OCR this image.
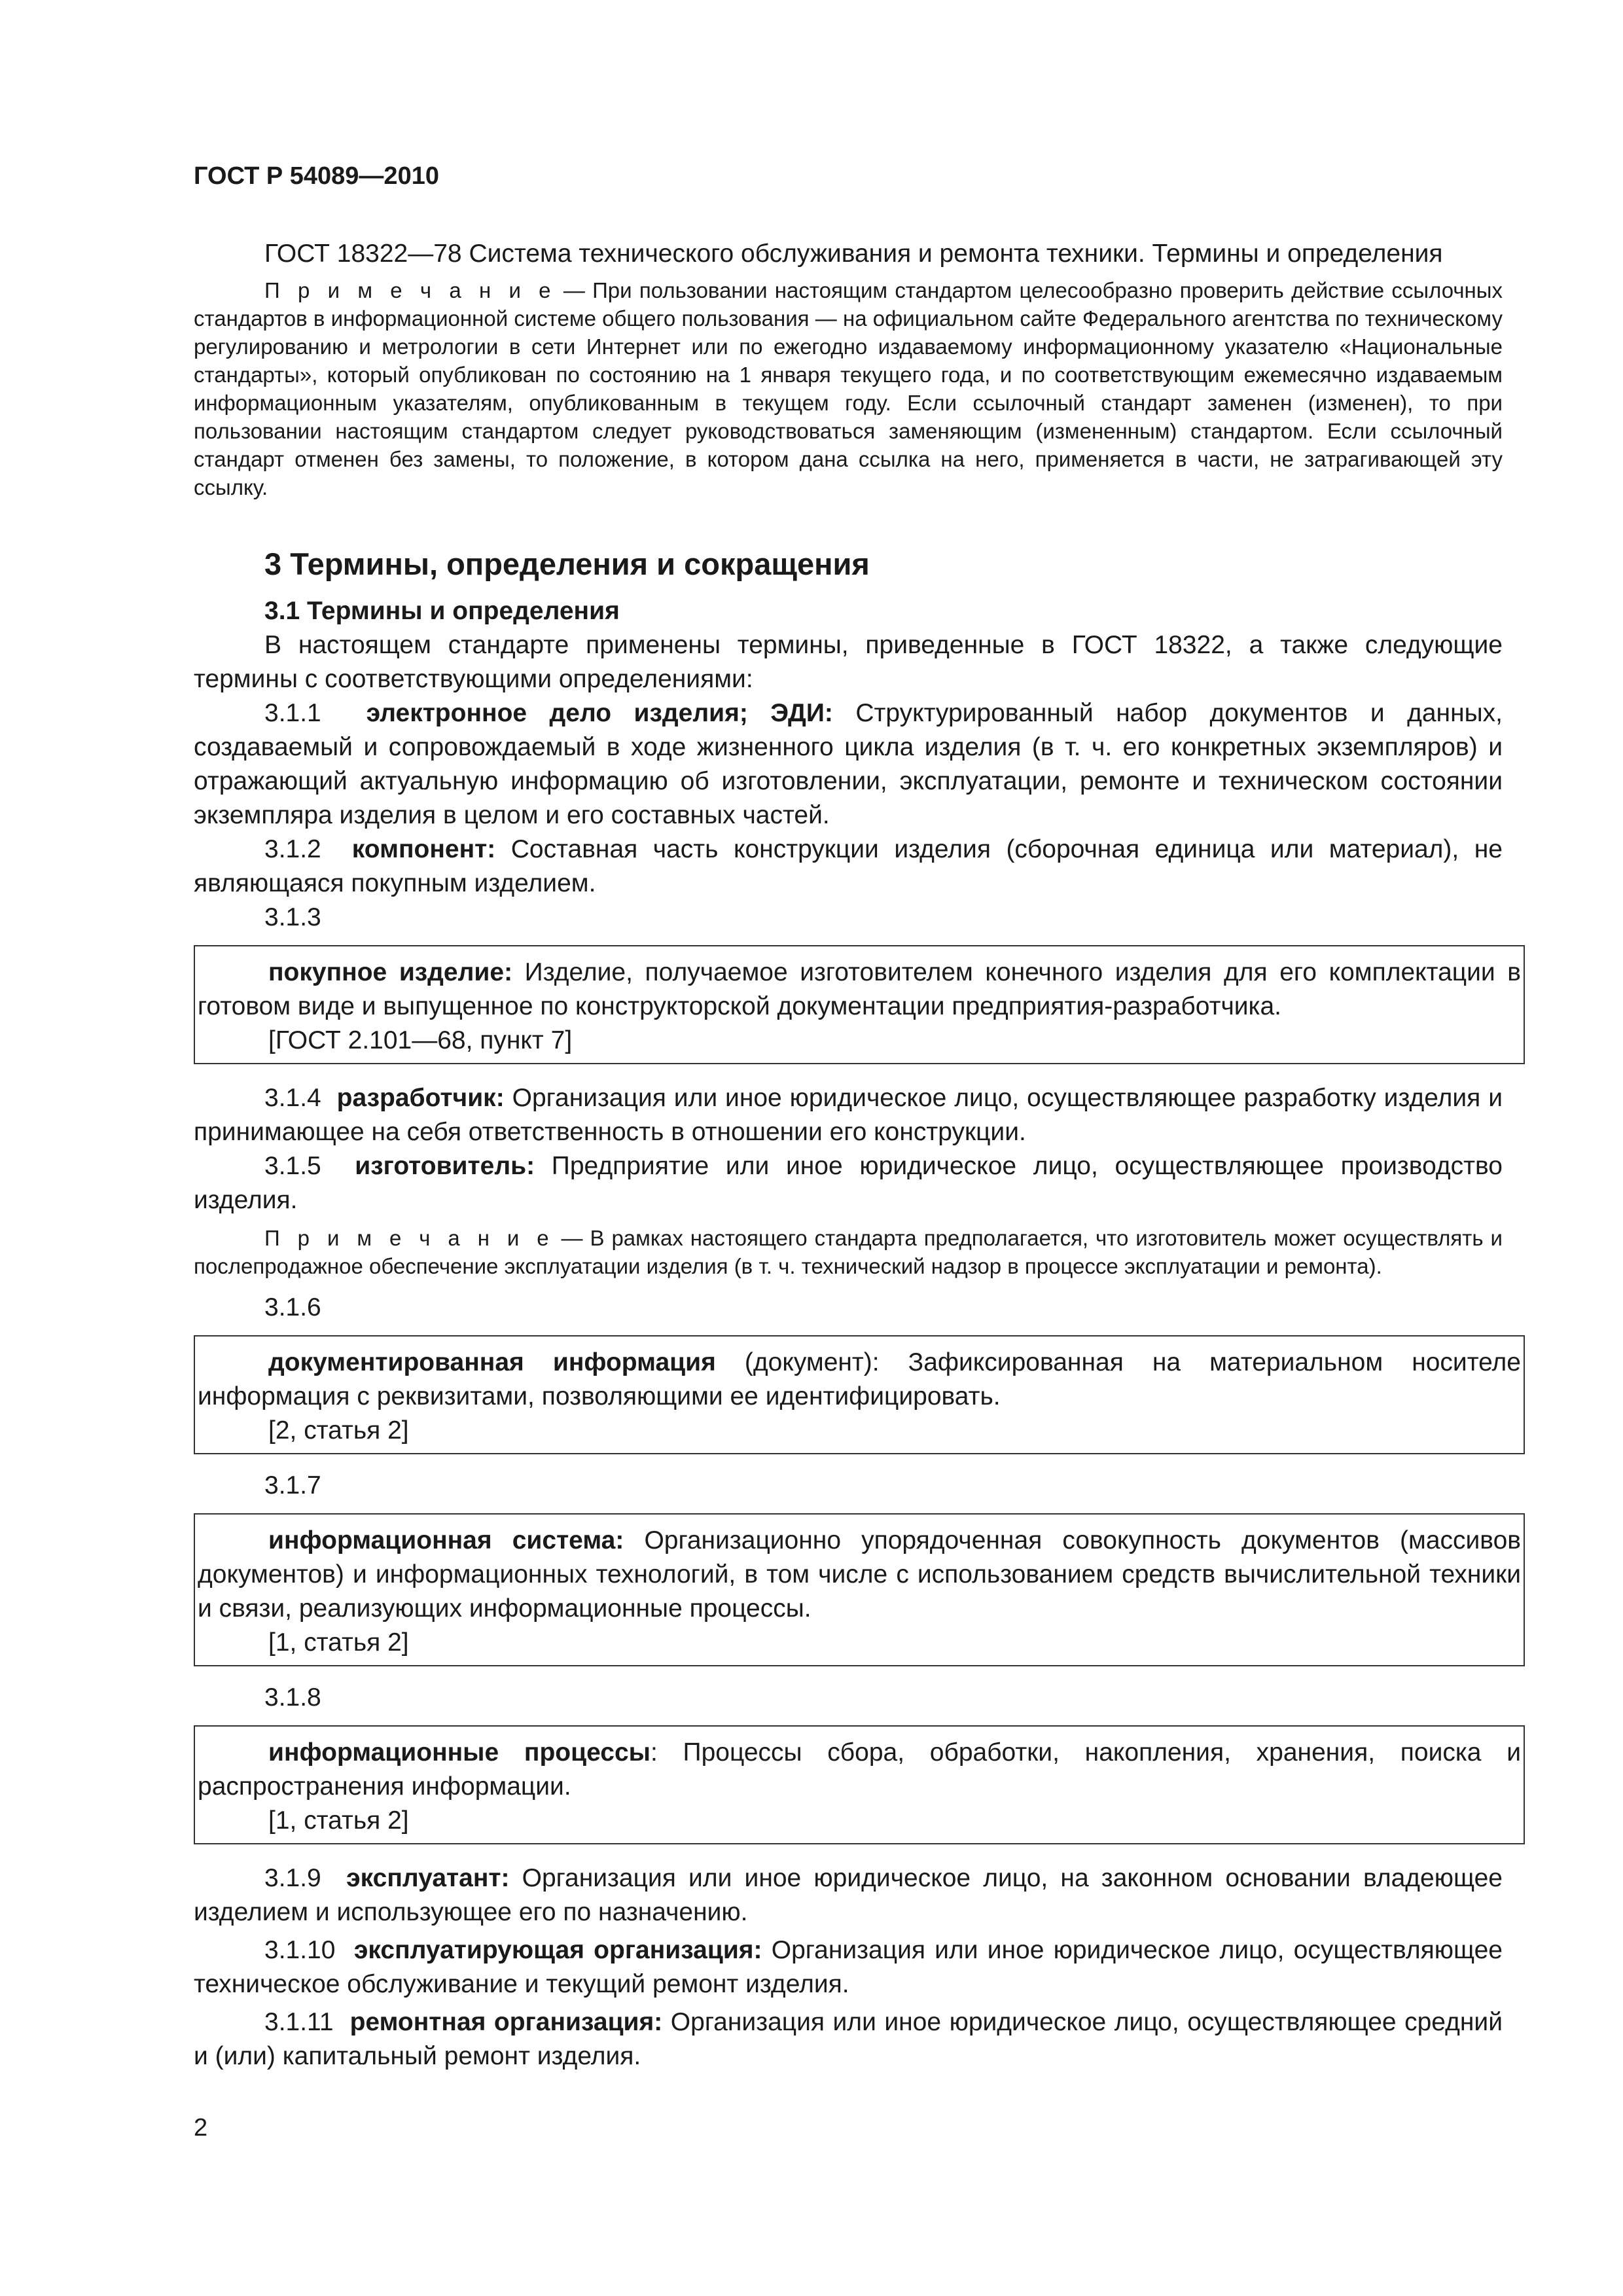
ГОСТ Р 54089—2010

ГОСТ 18322—78 Система технического обслуживания и ремонта техники. Термины и определения

П р и м е ч а н и е — При пользовании настоящим стандартом целесообразно проверить действие ссылочных стандартов в информационной системе общего пользования — на официальном сайте Федерального агентства по техническому регулированию и метрологии в сети Интернет или по ежегодно издаваемому информационному указателю «Национальные стандарты», который опубликован по состоянию на 1 января текущего года, и по соответствующим ежемесячно издаваемым информационным указателям, опубликованным в текущем году. Если ссылочный стандарт заменен (изменен), то при пользовании настоящим стандартом следует руководствоваться заменяющим (измененным) стандартом. Если ссылочный стандарт отменен без замены, то положение, в котором дана ссылка на него, применяется в части, не затрагивающей эту ссылку.

3 Термины, определения и сокращения

3.1 Термины и определения

В настоящем стандарте применены термины, приведенные в ГОСТ 18322, а также следующие термины с соответствующими определениями:

3.1.1 электронное дело изделия; ЭДИ: Структурированный набор документов и данных, создаваемый и сопровождаемый в ходе жизненного цикла изделия (в т. ч. его конкретных экземпляров) и отражающий актуальную информацию об изготовлении, эксплуатации, ремонте и техническом состоянии экземпляра изделия в целом и его составных частей.

3.1.2 компонент: Составная часть конструкции изделия (сборочная единица или материал), не являющаяся покупным изделием.

3.1.3

покупное изделие: Изделие, получаемое изготовителем конечного изделия для его комплектации в готовом виде и выпущенное по конструкторской документации предприятия-разработчика.

[ГОСТ 2.101—68, пункт 7]

3.1.4 разработчик: Организация или иное юридическое лицо, осуществляющее разработку изделия и принимающее на себя ответственность в отношении его конструкции.

3.1.5 изготовитель: Предприятие или иное юридическое лицо, осуществляющее производство изделия.

П р и м е ч а н и е — В рамках настоящего стандарта предполагается, что изготовитель может осуществлять и послепродажное обеспечение эксплуатации изделия (в т. ч. технический надзор в процессе эксплуатации и ремонта).

3.1.6

документированная информация (документ): Зафиксированная на материальном носителе информация с реквизитами, позволяющими ее идентифицировать.

[2, статья 2]

3.1.7

информационная система: Организационно упорядоченная совокупность документов (массивов документов) и информационных технологий, в том числе с использованием средств вычислительной техники и связи, реализующих информационные процессы.

[1, статья 2]

3.1.8

информационные процессы: Процессы сбора, обработки, накопления, хранения, поиска и распространения информации.

[1, статья 2]

3.1.9 эксплуатант: Организация или иное юридическое лицо, на законном основании владеющее изделием и использующее его по назначению.

3.1.10 эксплуатирующая организация: Организация или иное юридическое лицо, осуществляющее техническое обслуживание и текущий ремонт изделия.

3.1.11 ремонтная организация: Организация или иное юридическое лицо, осуществляющее средний и (или) капитальный ремонт изделия.

2
